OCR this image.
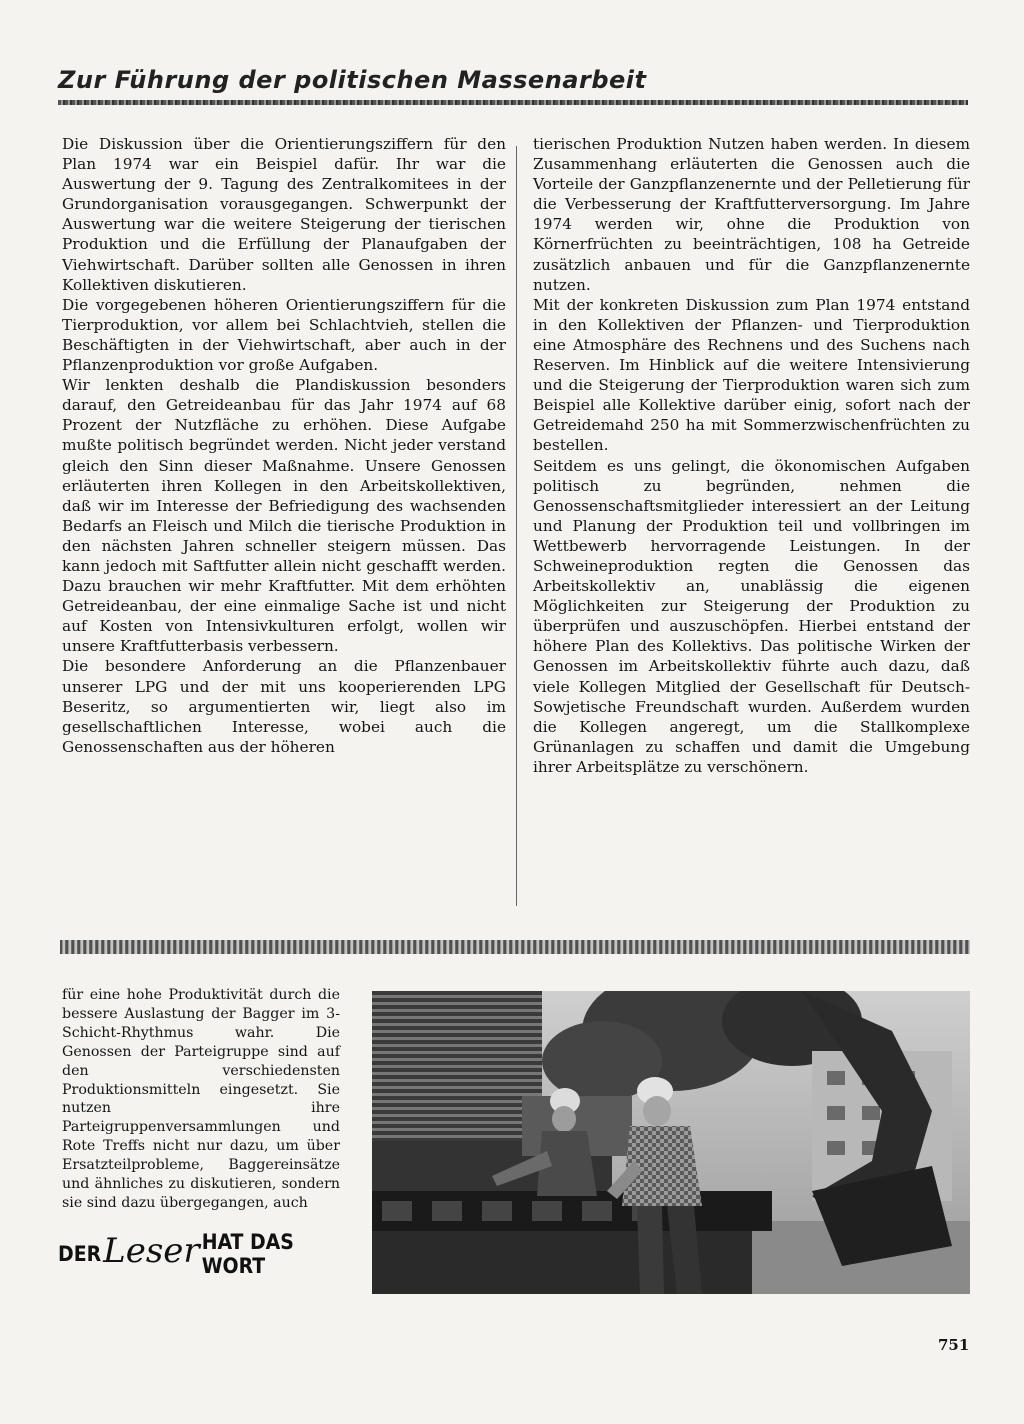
Zur Führung der politischen Massenarbeit

Die Diskussion über die Orientierungsziffern für den Plan 1974 war ein Beispiel dafür. Ihr war die Auswertung der 9. Tagung des Zentralkomitees in der Grundorganisation vorausgegangen. Schwerpunkt der Auswertung war die weitere Steigerung der tierischen Produktion und die Erfüllung der Planaufgaben der Viehwirtschaft. Darüber sollten alle Genossen in ihren Kollektiven diskutieren.

Die vorgegebenen höheren Orientierungsziffern für die Tierproduktion, vor allem bei Schlachtvieh, stellen die Beschäftigten in der Viehwirtschaft, aber auch in der Pflanzenproduktion vor große Aufgaben.

Wir lenkten deshalb die Plandiskussion besonders darauf, den Getreideanbau für das Jahr 1974 auf 68 Prozent der Nutzfläche zu erhöhen. Diese Aufgabe mußte politisch begründet werden. Nicht jeder verstand gleich den Sinn dieser Maßnahme. Unsere Genossen erläuterten ihren Kollegen in den Arbeitskollektiven, daß wir im Interesse der Befriedigung des wachsenden Bedarfs an Fleisch und Milch die tierische Produktion in den nächsten Jahren schneller steigern müssen. Das kann jedoch mit Saftfutter allein nicht geschafft werden. Dazu brauchen wir mehr Kraftfutter. Mit dem erhöhten Getreideanbau, der eine einmalige Sache ist und nicht auf Kosten von Intensivkulturen erfolgt, wollen wir unsere Kraftfutterbasis verbessern.

Die besondere Anforderung an die Pflanzenbauer unserer LPG und der mit uns kooperierenden LPG Beseritz, so argumentierten wir, liegt also im gesellschaftlichen Interesse, wobei auch die Genossenschaften aus der höheren

tierischen Produktion Nutzen haben werden. In diesem Zusammenhang erläuterten die Genossen auch die Vorteile der Ganzpflanzenernte und der Pelletierung für die Verbesserung der Kraftfutterversorgung. Im Jahre 1974 werden wir, ohne die Produktion von Körnerfrüchten zu beeinträchtigen, 108 ha Getreide zusätzlich anbauen und für die Ganzpflanzenernte nutzen.

Mit der konkreten Diskussion zum Plan 1974 entstand in den Kollektiven der Pflanzen- und Tierproduktion eine Atmosphäre des Rechnens und des Suchens nach Reserven. Im Hinblick auf die weitere Intensivierung und die Steigerung der Tierproduktion waren sich zum Beispiel alle Kollektive darüber einig, sofort nach der Getreidemahd 250 ha mit Sommerzwischenfrüchten zu bestellen.

Seitdem es uns gelingt, die ökonomischen Aufgaben politisch zu begründen, nehmen die Genossenschaftsmitglieder interessiert an der Leitung und Planung der Produktion teil und vollbringen im Wettbewerb hervorragende Leistungen. In der Schweineproduktion regten die Genossen das Arbeitskollektiv an, unablässig die eigenen Möglichkeiten zur Steigerung der Produktion zu überprüfen und auszuschöpfen. Hierbei entstand der höhere Plan des Kollektivs. Das politische Wirken der Genossen im Arbeitskollektiv führte auch dazu, daß viele Kollegen Mitglied der Gesellschaft für Deutsch-Sowjetische Freundschaft wurden. Außerdem wurden die Kollegen angeregt, um die Stallkomplexe Grünanlagen zu schaffen und damit die Umgebung ihrer Arbeitsplätze zu verschönern.

für eine hohe Produktivität durch die bessere Auslastung der Bagger im 3-Schicht-Rhythmus wahr. Die Genossen der Parteigruppe sind auf den verschiedensten Produktionsmitteln eingesetzt. Sie nutzen ihre Parteigruppenversammlungen und Rote Treffs nicht nur dazu, um über Ersatzteilprobleme, Baggereinsätze und ähnliches zu diskutieren, sondern sie sind dazu übergegangen, auch

DER Leser HAT DAS WORT
751
